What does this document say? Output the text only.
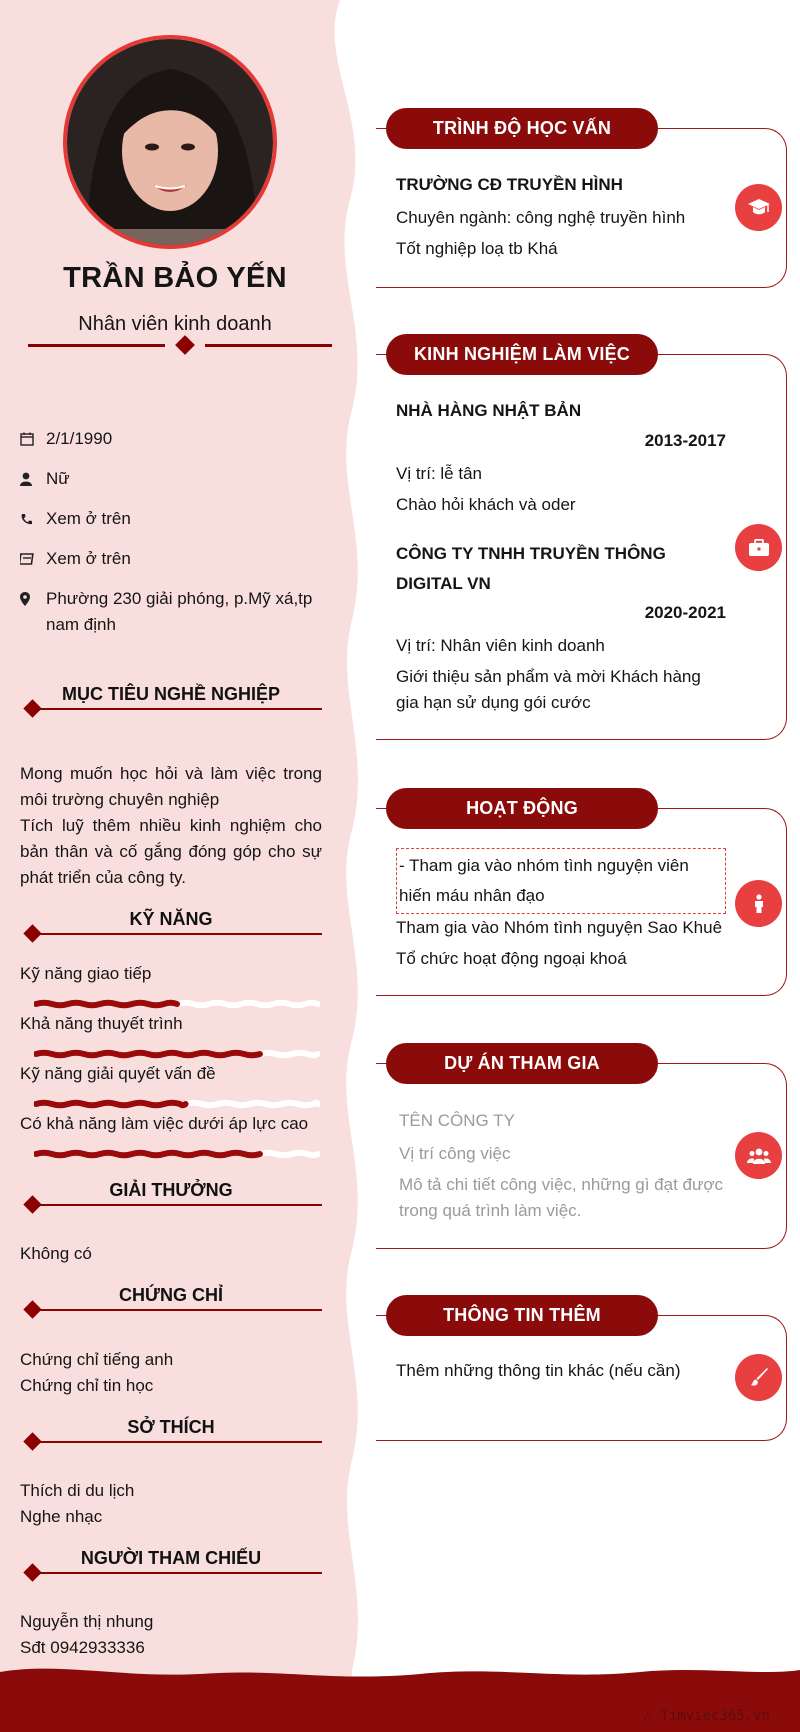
TRẦN BẢO YẾN
Nhân viên kinh doanh
2/1/1990
Nữ
Xem ở trên
Xem ở trên
Phường 230 giải phóng, p.Mỹ xá,tp nam định
MỤC TIÊU NGHỀ NGHIỆP
Mong muốn học hỏi và làm việc trong môi trường chuyên nghiệp
Tích luỹ thêm nhiều kinh nghiệm cho bản thân và cố gắng đóng góp cho sự phát triển của công ty.
KỸ NĂNG
Kỹ năng giao tiếp
Khả năng thuyết trình
Kỹ năng giải quyết vấn đề
Có khả năng làm việc dưới áp lực cao
GIẢI THƯỞNG
Không có
CHỨNG CHỈ
Chứng chỉ tiếng anh
Chứng chỉ tin học
SỞ THÍCH
Thích di du lịch
Nghe nhạc
NGƯỜI THAM CHIẾU
Nguyễn thị nhung
Sđt 0942933336
TRÌNH ĐỘ HỌC VẤN
TRƯỜNG CĐ TRUYỀN HÌNH
Chuyên ngành: công nghệ truyền hình
Tốt nghiệp loạ tb Khá
KINH NGHIỆM LÀM VIỆC
NHÀ HÀNG NHẬT BẢN
2013-2017
Vị trí: lễ tân
Chào hỏi khách và oder
CÔNG TY TNHH TRUYỀN THÔNG DIGITAL VN
2020-2021
Vị trí: Nhân viên kinh doanh
Giới thiệu sản phẩm và mời Khách hàng gia hạn sử dụng gói cước
HOẠT ĐỘNG
- Tham gia vào nhóm tình nguyện viên hiến máu nhân đạo
Tham gia vào Nhóm tình nguyện Sao Khuê
Tổ chức hoạt động ngoại khoá
DỰ ÁN THAM GIA
TÊN CÔNG TY
Vị trí công việc
Mô tả chi tiết công việc, những gì đạt được trong quá trình làm việc.
THÔNG TIN THÊM
Thêm những thông tin khác (nếu cần)
∴ Timviec365.vn
